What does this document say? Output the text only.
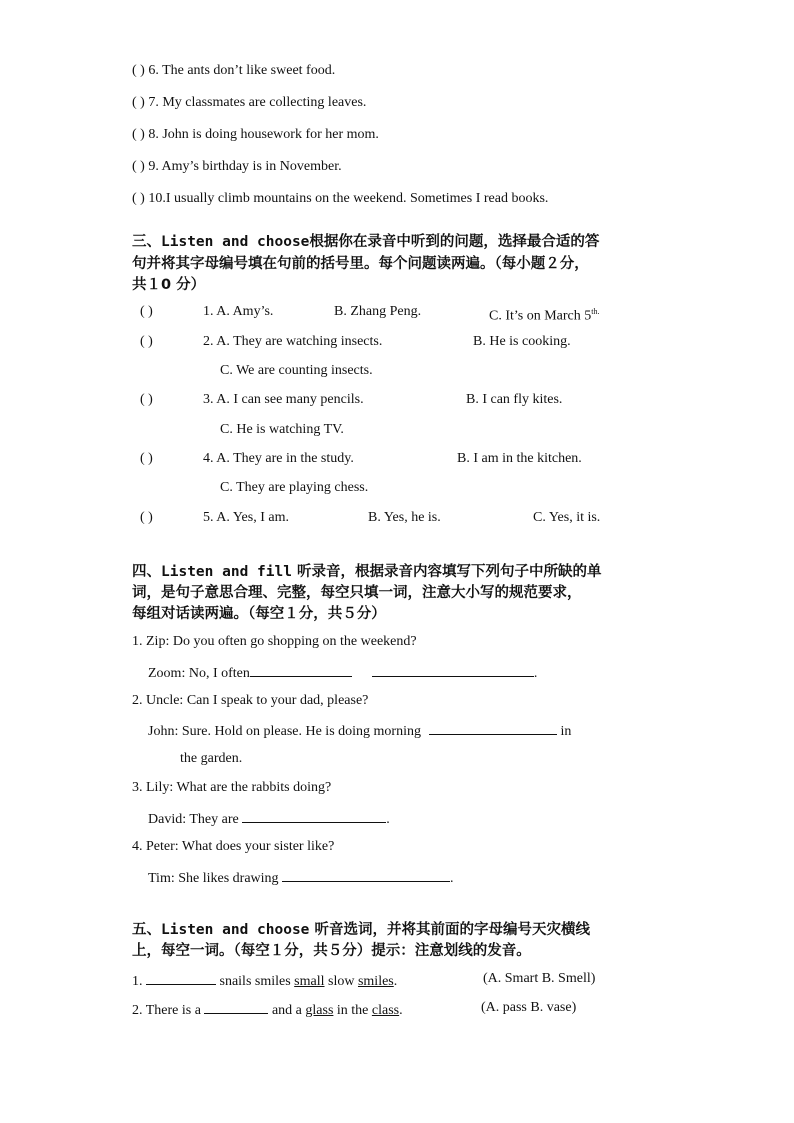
( ) 6. The ants don’t like sweet food.
( ) 7. My classmates are collecting leaves.
( ) 8. John is doing housework for her mom.
( ) 9. Amy’s birthday is in November.
( ) 10.I usually climb mountains on the weekend. Sometimes I read books.
三、Listen and choose根据你在录音中听到的问题，选择最合适的答
句并将其字母编号填在句前的括号里。每个问题读两遍。（每小题２分，
共１0 分）
( )	1. A. Amy’s.	B. Zhang Peng.	C. It’s on March $5^{th.}$
( )	2. A. They are watching insects.	B. He is cooking.
C. We are counting insects.
( )	3. A. I can see many pencils.	B. I can fly kites.
C. He is watching TV.
( )	4. A. They are in the study.	B. I am in the kitchen.
C. They are playing chess.
( )	5. A. Yes, I am.	B. Yes, he is.	C. Yes, it is.
四、Listen and fill 听录音，根据录音内容填写下列句子中所缺的单
词，是句子意思合理、完整，每空只填一词，注意大小写的规范要求，
每组对话读两遍。（每空１分，共５分）
1. Zip: Do you often go shopping on the weekend?
Zoom: No, I often	.
2. Uncle: Can I speak to your dad, please?
John: Sure. Hold on please. He is doing morning	in
the garden.
3. Lily: What are the rabbits doing?
David: They are	.
4. Peter: What does your sister like?
Tim: She likes drawing	.
五、Listen and choose 听音选词，并将其前面的字母编号天灾横线
上，每空一词。（每空１分，共５分）提示：注意划线的发音。
1.	snails smiles small slow smiles.	(A. Smart B. Smell)
2. There is a	and a glass in the class.	(A. pass B. vase)
